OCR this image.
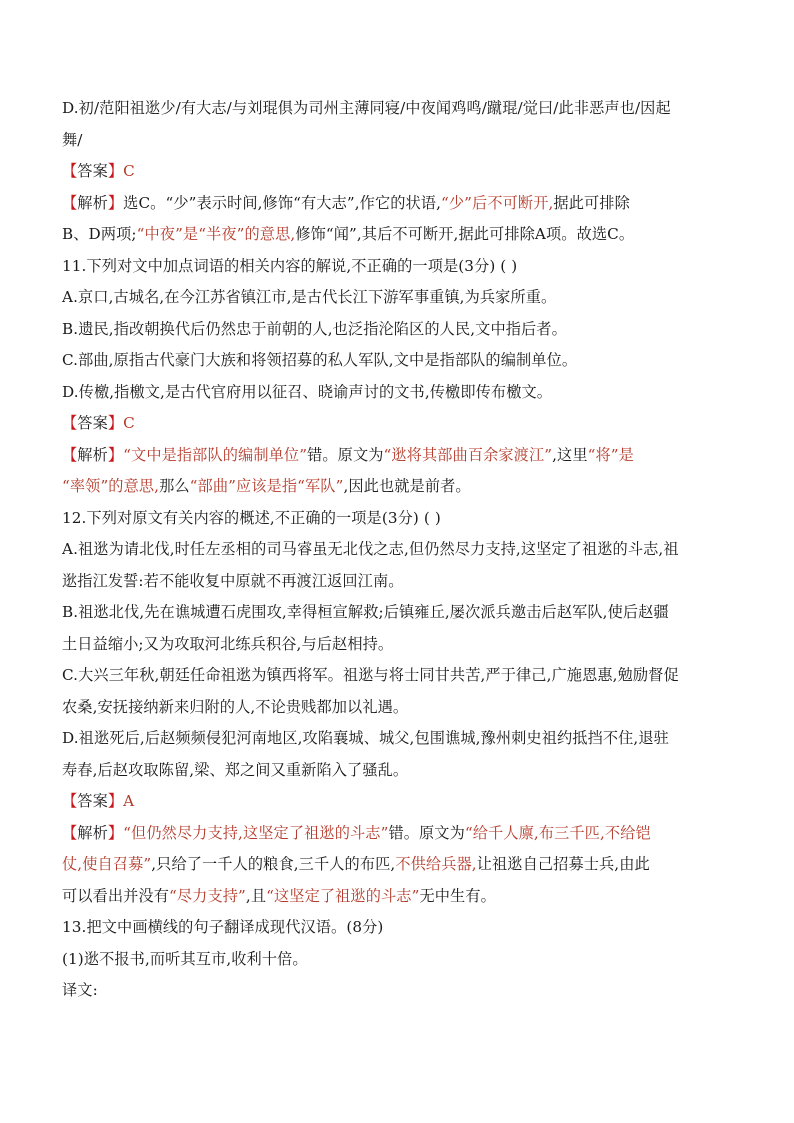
D.初/范阳祖逖少/有大志/与刘琨俱为司州主薄同寝/中夜闻鸡鸣/蹴琨/觉曰/此非恶声也/因起
舞/
【答案】C
【解析】选C。“少”表示时间,修饰“有大志”,作它的状语,“少”后不可断开,据此可排除
B、D两项;“中夜”是“半夜”的意思,修饰“闻”,其后不可断开,据此可排除A项。故选C。
11.下列对文中加点词语的相关内容的解说,不正确的一项是(3分) ( )
A.京口,古城名,在今江苏省镇江市,是古代长江下游军事重镇,为兵家所重。
B.遗民,指改朝换代后仍然忠于前朝的人,也泛指沦陷区的人民,文中指后者。
C.部曲,原指古代豪门大族和将领招募的私人军队,文中是指部队的编制单位。
D.传檄,指檄文,是古代官府用以征召、晓谕声讨的文书,传檄即传布檄文。
【答案】C
【解析】“文中是指部队的编制单位”错。原文为“逖将其部曲百余家渡江”,这里“将”是
“率领”的意思,那么“部曲”应该是指“军队”,因此也就是前者。
12.下列对原文有关内容的概述,不正确的一项是(3分) ( )
A.祖逖为请北伐,时任左丞相的司马睿虽无北伐之志,但仍然尽力支持,这坚定了祖逖的斗志,祖
逖指江发誓:若不能收复中原就不再渡江返回江南。
B.祖逖北伐,先在谯城遭石虎围攻,幸得桓宣解救;后镇雍丘,屡次派兵邀击后赵军队,使后赵疆
土日益缩小;又为攻取河北练兵积谷,与后赵相持。
C.大兴三年秋,朝廷任命祖逖为镇西将军。祖逖与将士同甘共苦,严于律己,广施恩惠,勉励督促
农桑,安抚接纳新来归附的人,不论贵贱都加以礼遇。
D.祖逖死后,后赵频频侵犯河南地区,攻陷襄城、城父,包围谯城,豫州刺史祖约抵挡不住,退驻
寿春,后赵攻取陈留,梁、郑之间又重新陷入了骚乱。
【答案】A
【解析】“但仍然尽力支持,这坚定了祖逖的斗志”错。原文为“给千人廪,布三千匹,不给铠
仗,使自召募”,只给了一千人的粮食,三千人的布匹,不供给兵器,让祖逖自己招募士兵,由此
可以看出并没有“尽力支持”,且“这坚定了祖逖的斗志”无中生有。
13.把文中画横线的句子翻译成现代汉语。(8分)
(1)逖不报书,而听其互市,收利十倍。
译文:
